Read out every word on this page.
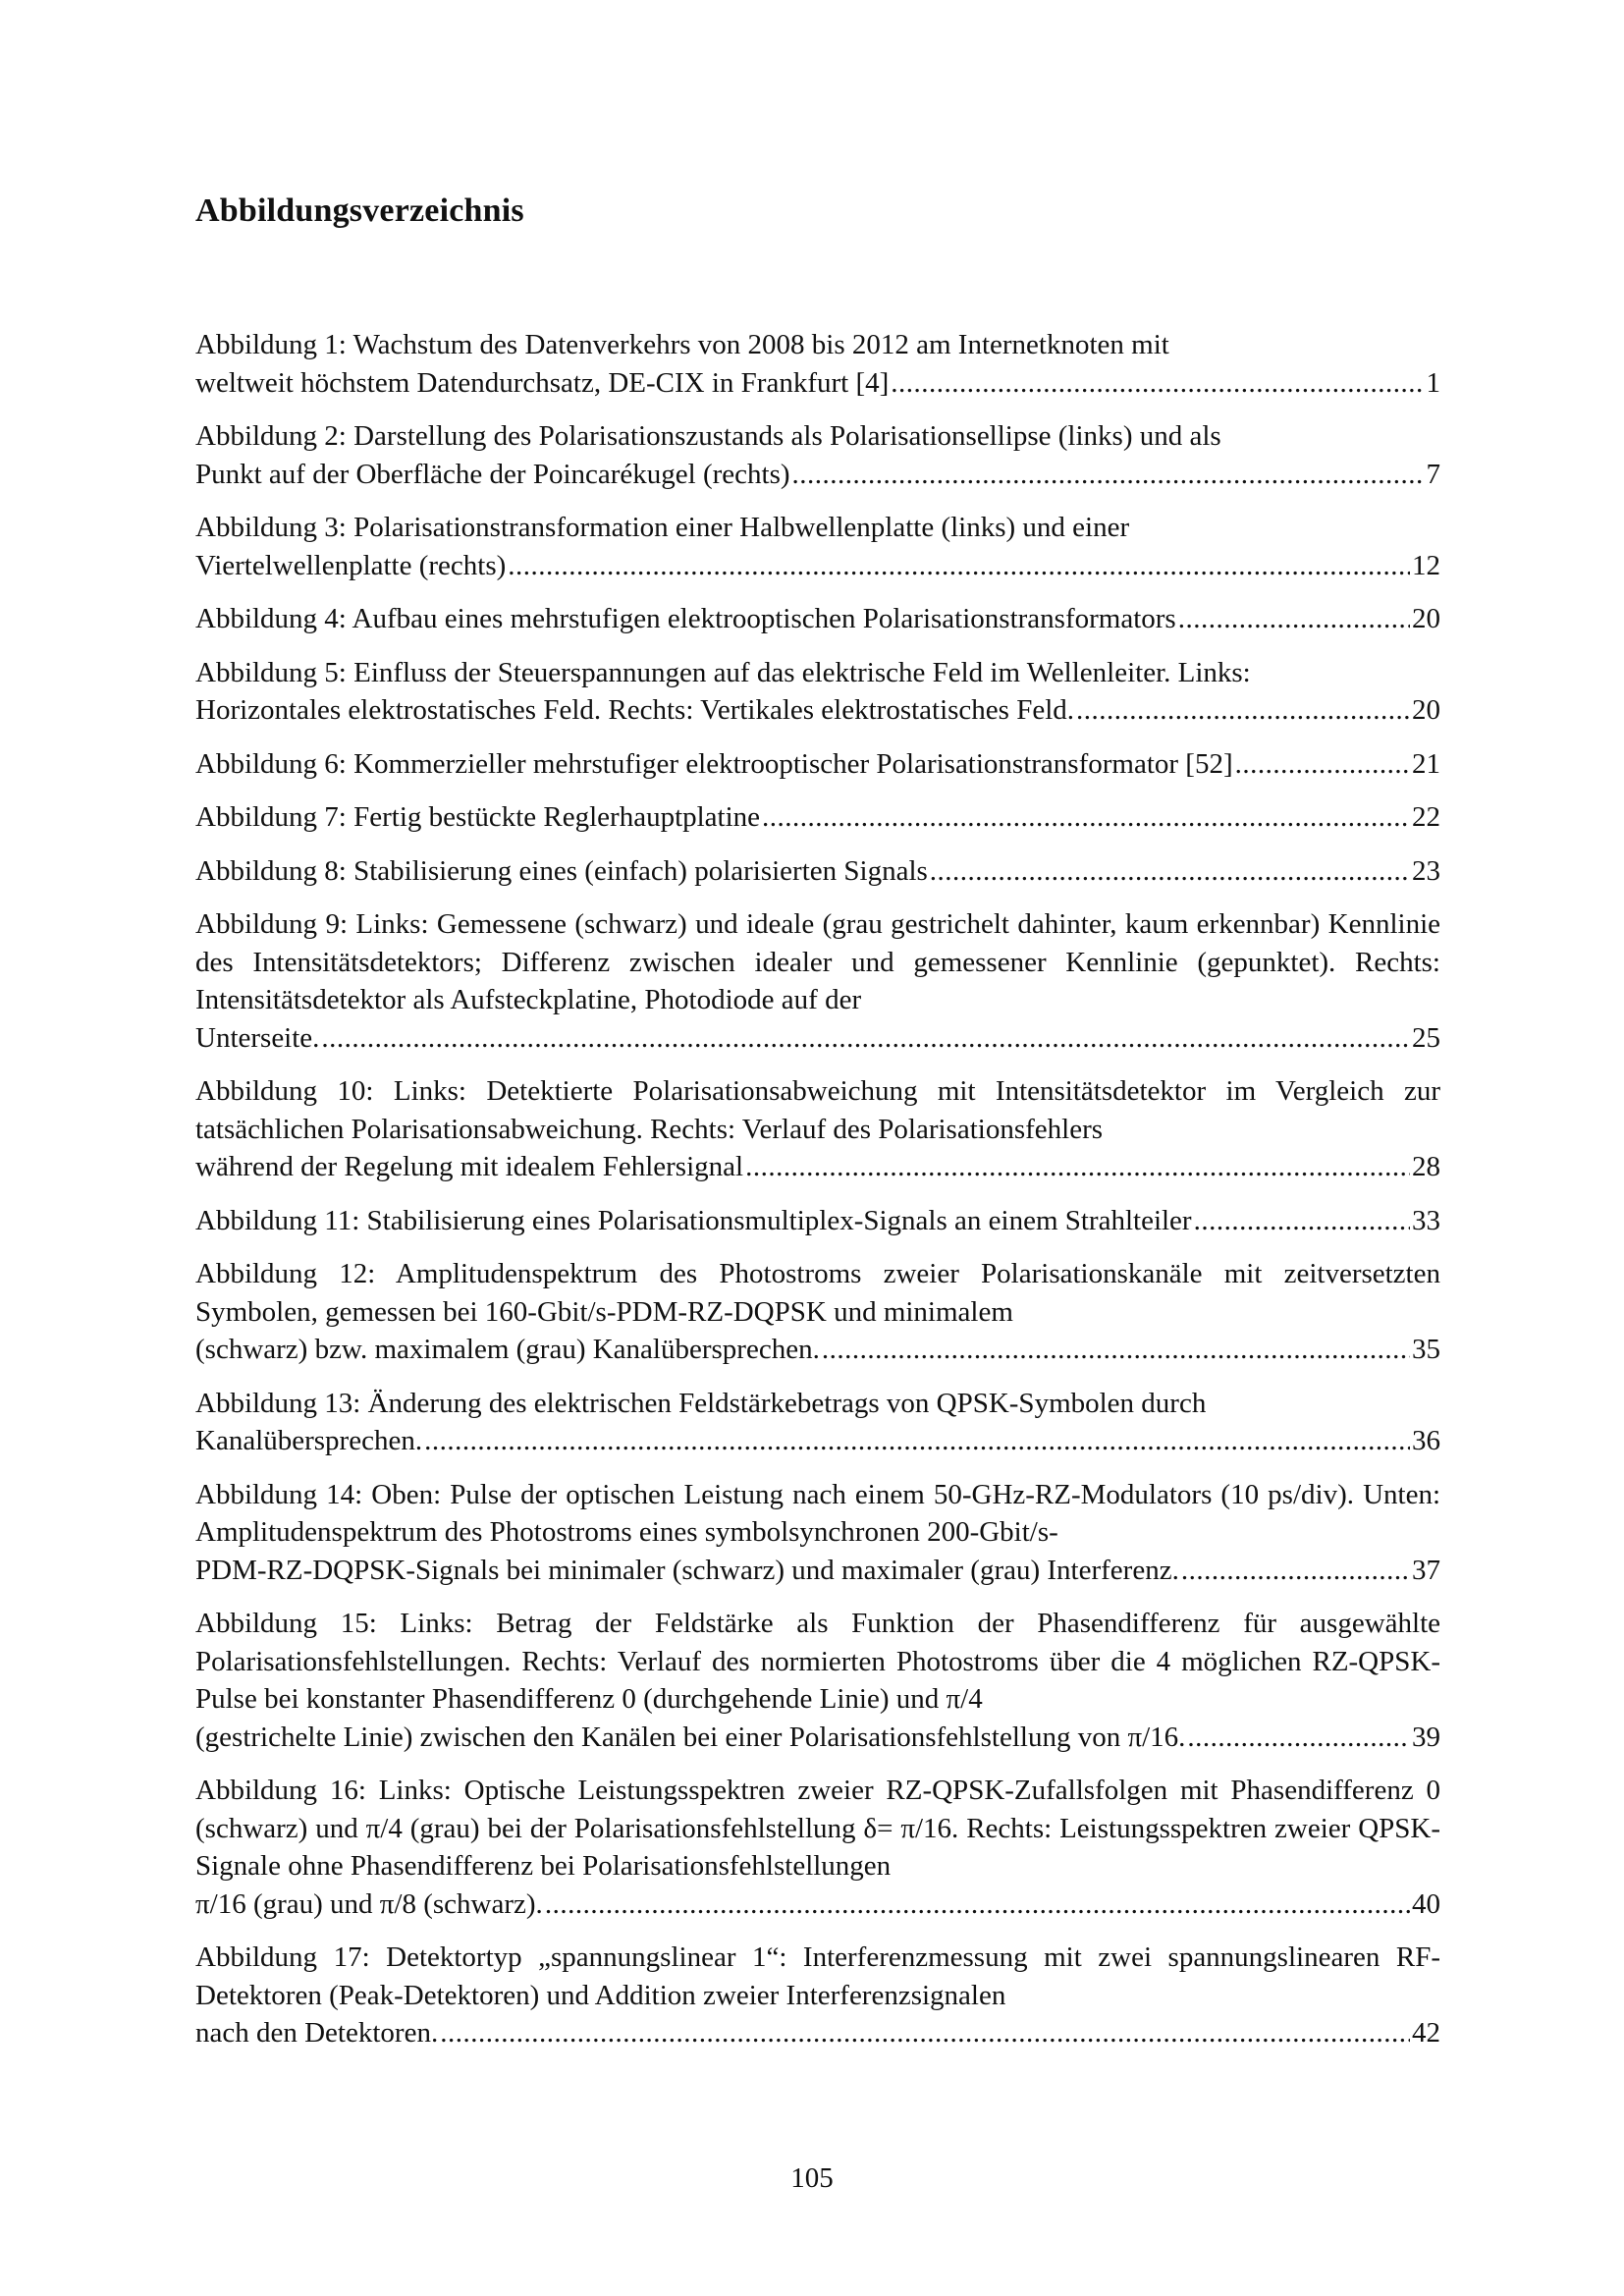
Abbildungsverzeichnis
Abbildung 1: Wachstum des Datenverkehrs von 2008 bis 2012 am Internetknoten mit
weltweit höchstem Datendurchsatz, DE-CIX in Frankfurt [4] .....	1
Abbildung 2: Darstellung des Polarisationszustands als Polarisationsellipse (links) und als
Punkt auf der Oberfläche der Poincarékugel (rechts) .....	7
Abbildung 3: Polarisationstransformation einer Halbwellenplatte (links) und einer
Viertelwellenplatte (rechts) .....	12
Abbildung 4: Aufbau eines mehrstufigen elektrooptischen Polarisationstransformators .....	20
Abbildung 5: Einfluss der Steuerspannungen auf das elektrische Feld im Wellenleiter. Links:
Horizontales elektrostatisches Feld. Rechts: Vertikales elektrostatisches Feld. .....	20
Abbildung 6: Kommerzieller mehrstufiger elektrooptischer Polarisationstransformator [52] .....	21
Abbildung 7: Fertig bestückte Reglerhauptplatine .....	22
Abbildung 8: Stabilisierung eines (einfach) polarisierten Signals .....	23
Abbildung 9: Links: Gemessene (schwarz) und ideale (grau gestrichelt dahinter, kaum erkennbar) Kennlinie des Intensitätsdetektors; Differenz zwischen idealer und gemessener Kennlinie (gepunktet). Rechts: Intensitätsdetektor als Aufsteckplatine, Photodiode auf der
Unterseite. .....	25
Abbildung 10: Links: Detektierte Polarisationsabweichung mit Intensitätsdetektor im Vergleich zur tatsächlichen Polarisationsabweichung. Rechts: Verlauf des Polarisationsfehlers
während der Regelung mit idealem Fehlersignal .....	28
Abbildung 11: Stabilisierung eines Polarisationsmultiplex-Signals an einem Strahlteiler .....	33
Abbildung 12: Amplitudenspektrum des Photostroms zweier Polarisationskanäle mit zeitversetzten Symbolen, gemessen bei 160-Gbit/s-PDM-RZ-DQPSK und minimalem
(schwarz) bzw. maximalem (grau) Kanalübersprechen. .....	35
Abbildung 13: Änderung des elektrischen Feldstärkebetrags von QPSK-Symbolen durch
Kanalübersprechen. .....	36
Abbildung 14: Oben: Pulse der optischen Leistung nach einem 50-GHz-RZ-Modulators (10 ps/div). Unten: Amplitudenspektrum des Photostroms eines symbolsynchronen 200-Gbit/s-
PDM-RZ-DQPSK-Signals bei minimaler (schwarz) und maximaler (grau) Interferenz. .....	37
Abbildung 15: Links: Betrag der Feldstärke als Funktion der Phasendifferenz für ausgewählte Polarisationsfehlstellungen. Rechts: Verlauf des normierten Photostroms über die 4 möglichen RZ-QPSK-Pulse bei konstanter Phasendifferenz 0 (durchgehende Linie) und π/4
(gestrichelte Linie) zwischen den Kanälen bei einer Polarisationsfehlstellung von π/16. .....	39
Abbildung 16: Links: Optische Leistungsspektren zweier RZ-QPSK-Zufallsfolgen mit Phasendifferenz 0 (schwarz) und π/4 (grau) bei der Polarisationsfehlstellung δ= π/16. Rechts: Leistungsspektren zweier QPSK-Signale ohne Phasendifferenz bei Polarisationsfehlstellungen
π/16 (grau) und π/8 (schwarz). .....	40
Abbildung 17: Detektortyp „spannungslinear 1“: Interferenzmessung mit zwei spannungslinearen RF-Detektoren (Peak-Detektoren) und Addition zweier Interferenzsignalen
nach den Detektoren. .....	42

105
